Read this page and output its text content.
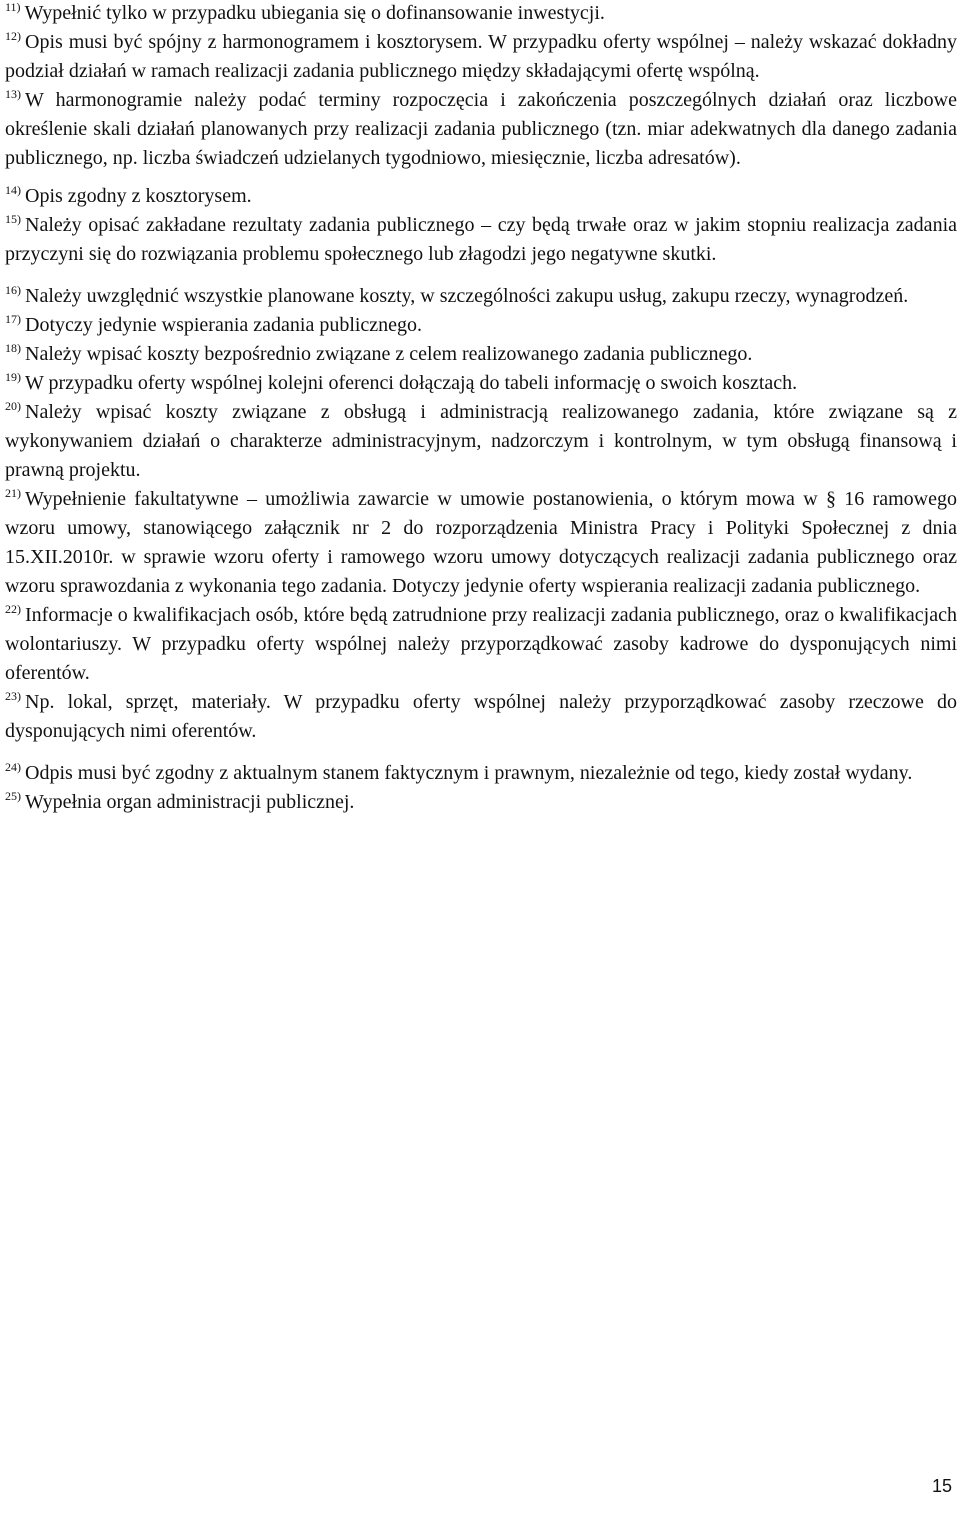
$^{11)}$ Wypełnić tylko w przypadku ubiegania się o dofinansowanie inwestycji.

$^{12)}$ Opis musi być spójny z harmonogramem i kosztorysem. W przypadku oferty wspólnej – należy wskazać dokładny podział działań w ramach realizacji zadania publicznego między składającymi ofertę wspólną.

$^{13)}$ W harmonogramie należy podać terminy rozpoczęcia i zakończenia poszczególnych działań oraz liczbowe określenie skali działań planowanych przy realizacji zadania publicznego (tzn. miar adekwatnych dla danego zadania publicznego, np. liczba świadczeń udzielanych tygodniowo, miesięcznie, liczba adresatów).

$^{14)}$ Opis zgodny z kosztorysem.

$^{15)}$ Należy opisać zakładane rezultaty zadania publicznego – czy będą trwałe oraz w jakim stopniu realizacja zadania przyczyni się do rozwiązania problemu społecznego lub złagodzi jego negatywne skutki.

$^{16)}$ Należy uwzględnić wszystkie planowane koszty, w szczególności zakupu usług, zakupu rzeczy, wynagrodzeń.

$^{17)}$ Dotyczy jedynie wspierania zadania publicznego.

$^{18)}$ Należy wpisać koszty bezpośrednio związane z celem realizowanego zadania publicznego.

$^{19)}$ W przypadku oferty wspólnej kolejni oferenci dołączają do tabeli informację o swoich kosztach.

$^{20)}$ Należy wpisać koszty związane z obsługą i administracją realizowanego zadania, które związane są z wykonywaniem działań o charakterze administracyjnym, nadzorczym i kontrolnym, w tym obsługą finansową i prawną projektu.

$^{21)}$ Wypełnienie fakultatywne – umożliwia zawarcie w umowie postanowienia, o którym mowa w § 16 ramowego wzoru umowy, stanowiącego załącznik nr 2 do rozporządzenia Ministra Pracy i Polityki Społecznej z dnia 15.XII.2010r. w sprawie wzoru oferty i ramowego wzoru umowy dotyczących realizacji zadania publicznego oraz wzoru sprawozdania z wykonania tego zadania. Dotyczy jedynie oferty wspierania realizacji zadania publicznego.

$^{22)}$ Informacje o kwalifikacjach osób, które będą zatrudnione przy realizacji zadania publicznego, oraz o kwalifikacjach wolontariuszy. W przypadku oferty wspólnej należy przyporządkować zasoby kadrowe do dysponujących nimi oferentów.

$^{23)}$ Np. lokal, sprzęt, materiały. W przypadku oferty wspólnej należy przyporządkować zasoby rzeczowe do dysponujących nimi oferentów.

$^{24)}$ Odpis musi być zgodny z aktualnym stanem faktycznym i prawnym, niezależnie od tego, kiedy został wydany.

$^{25)}$ Wypełnia organ administracji publicznej.

15
